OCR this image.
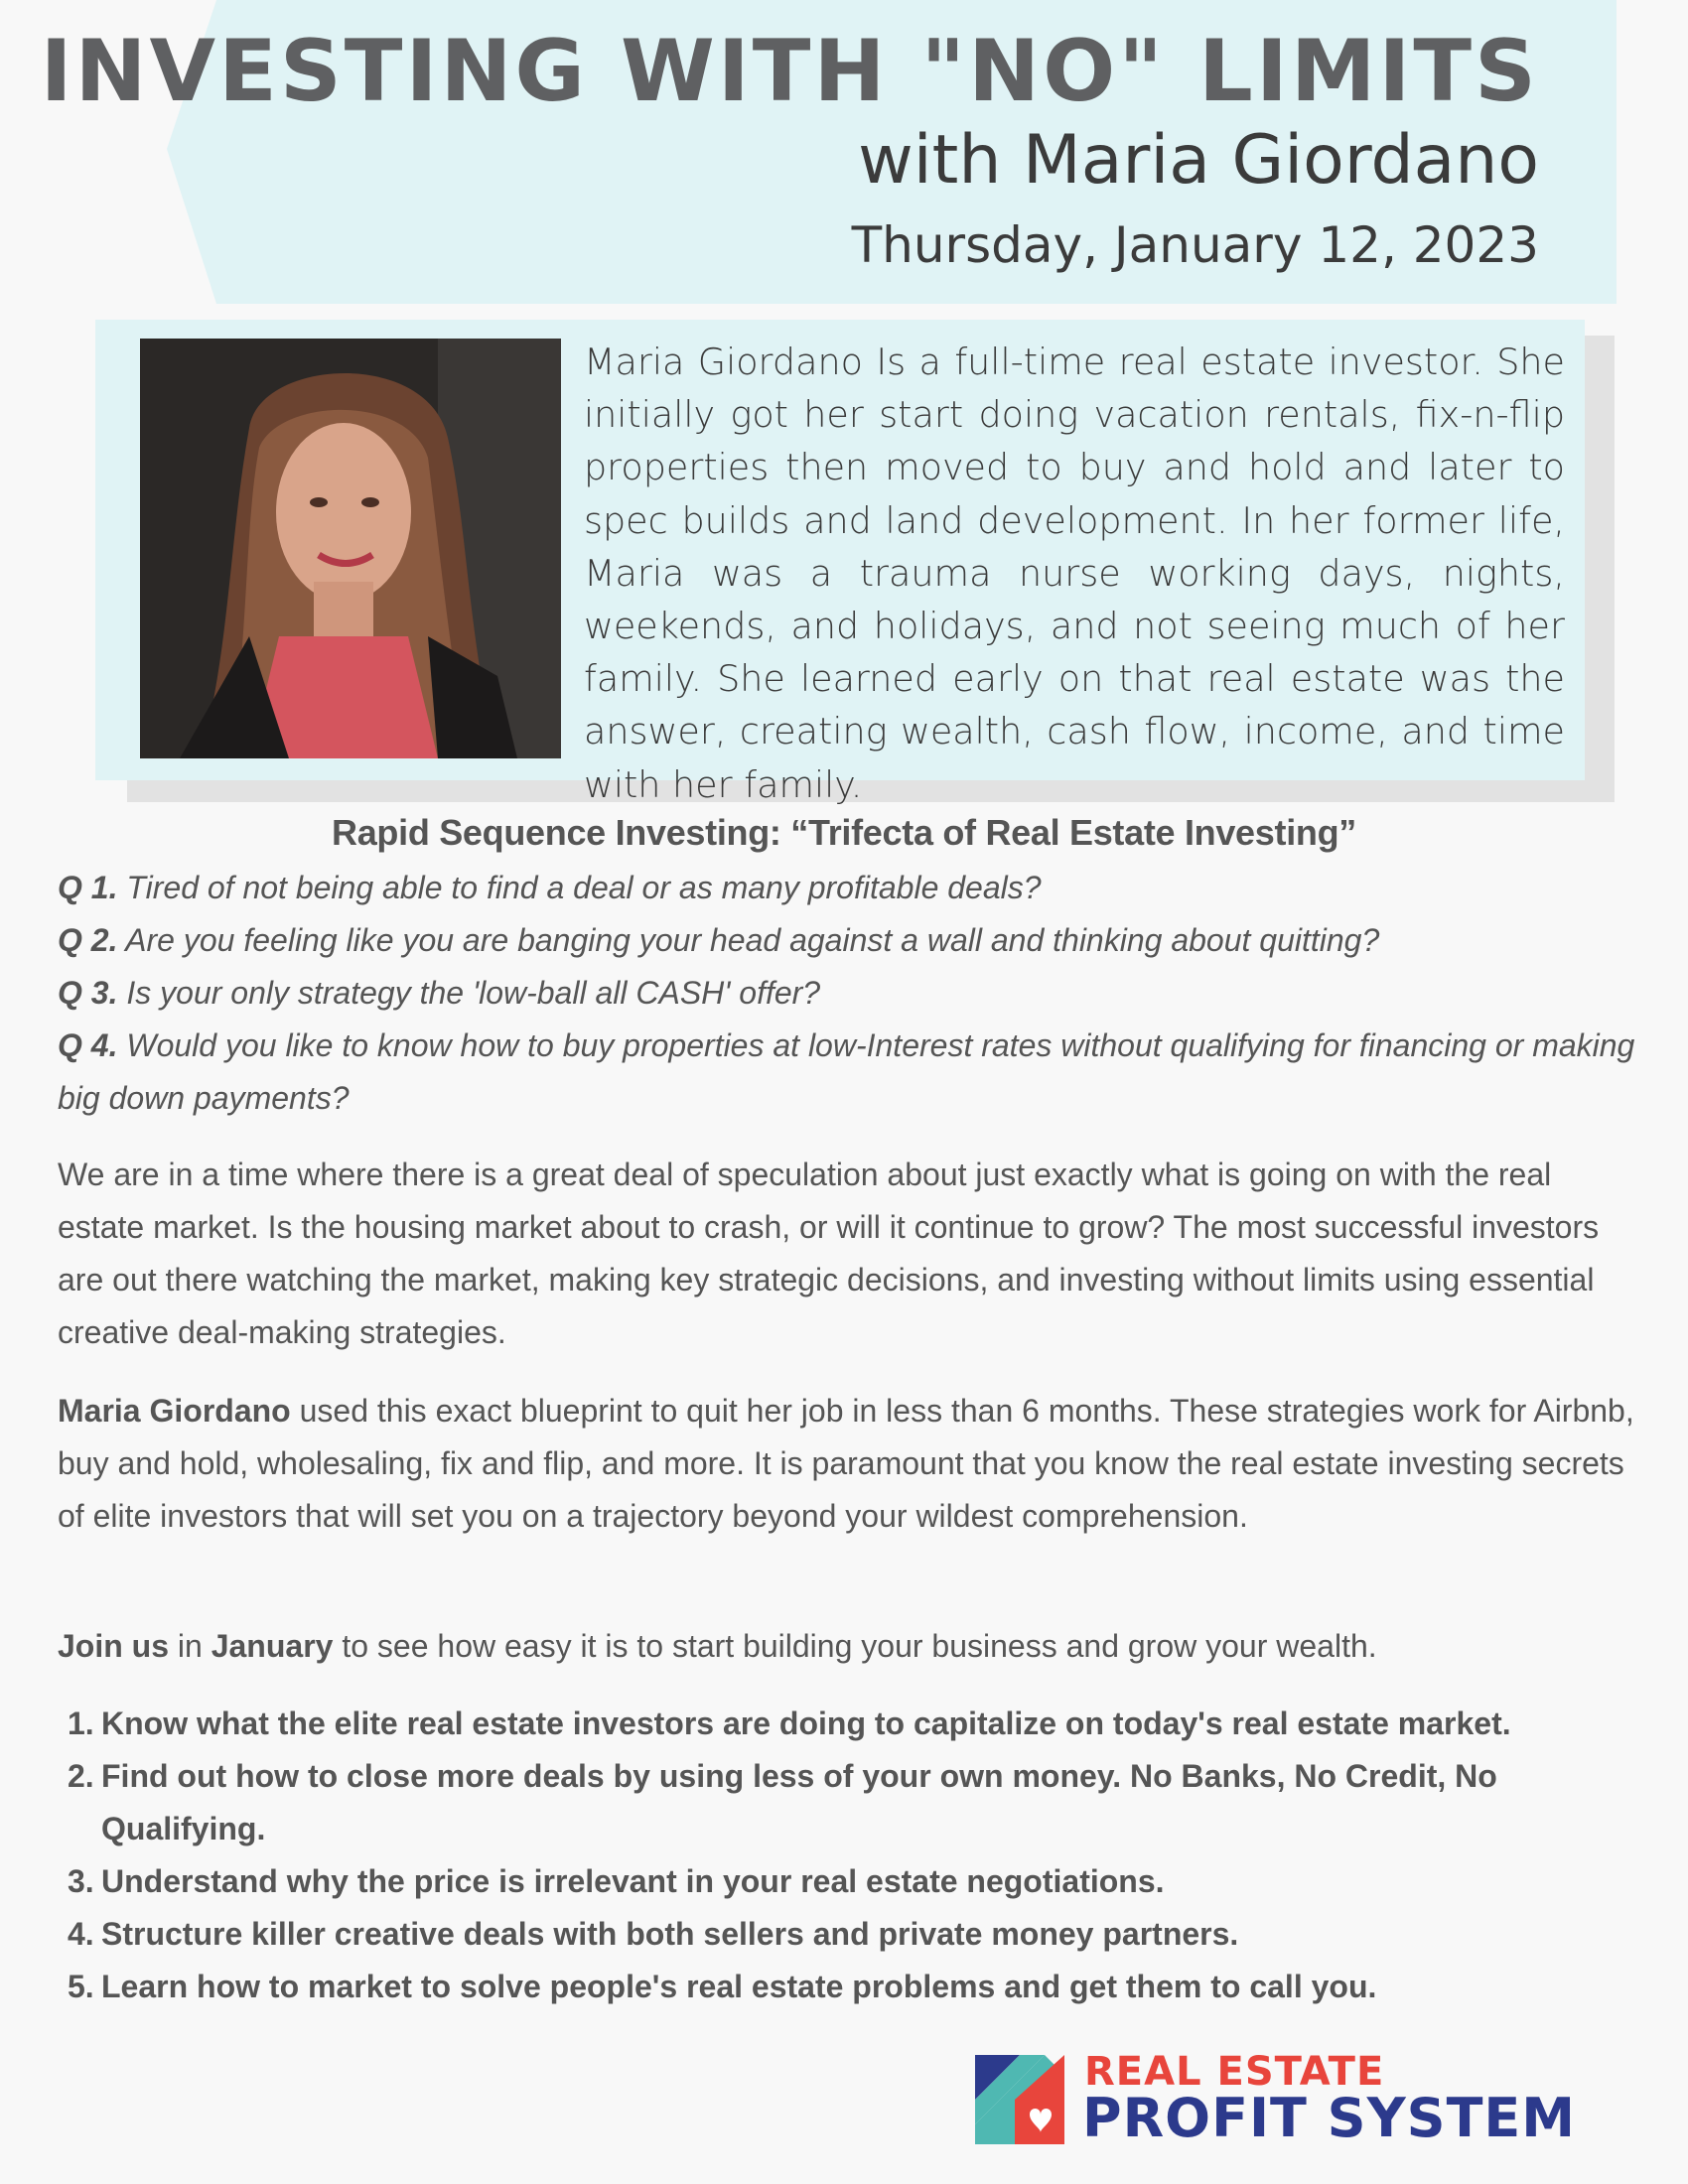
INVESTING WITH "NO" LIMITS
with Maria Giordano
Thursday, January 12, 2023
Maria Giordano Is a full-time real estate investor. She initially got her start doing vacation rentals, fix-n-flip properties then moved to buy and hold and later to spec builds and land development. In her former life, Maria was a trauma nurse working days, nights, weekends, and holidays, and not seeing much of her family. She learned early on that real estate was the answer, creating wealth, cash flow, income, and time with her family.
Rapid Sequence Investing: “Trifecta of Real Estate Investing”
Q 1. Tired of not being able to find a deal or as many profitable deals?
Q 2. Are you feeling like you are banging your head against a wall and thinking about quitting?
Q 3. Is your only strategy the 'low-ball all CASH' offer?
Q 4. Would you like to know how to buy properties at low-Interest rates without qualifying for financing or making big down payments?
We are in a time where there is a great deal of speculation about just exactly what is going on with the real estate market. Is the housing market about to crash, or will it continue to grow? The most successful investors are out there watching the market, making key strategic decisions, and investing without limits using essential creative deal-making strategies.
Maria Giordano used this exact blueprint to quit her job in less than 6 months. These strategies work for Airbnb, buy and hold, wholesaling, fix and flip, and more. It is paramount that you know the real estate investing secrets of elite investors that will set you on a trajectory beyond your wildest comprehension.
Join us in January to see how easy it is to start building your business and grow your wealth.
1. Know what the elite real estate investors are doing to capitalize on today's real estate market.
2. Find out how to close more deals by using less of your own money. No Banks, No Credit, No Qualifying.
3. Understand why the price is irrelevant in your real estate negotiations.
4. Structure killer creative deals with both sellers and private money partners.
5. Learn how to market to solve people's real estate problems and get them to call you.
REAL ESTATE
PROFIT SYSTEM
